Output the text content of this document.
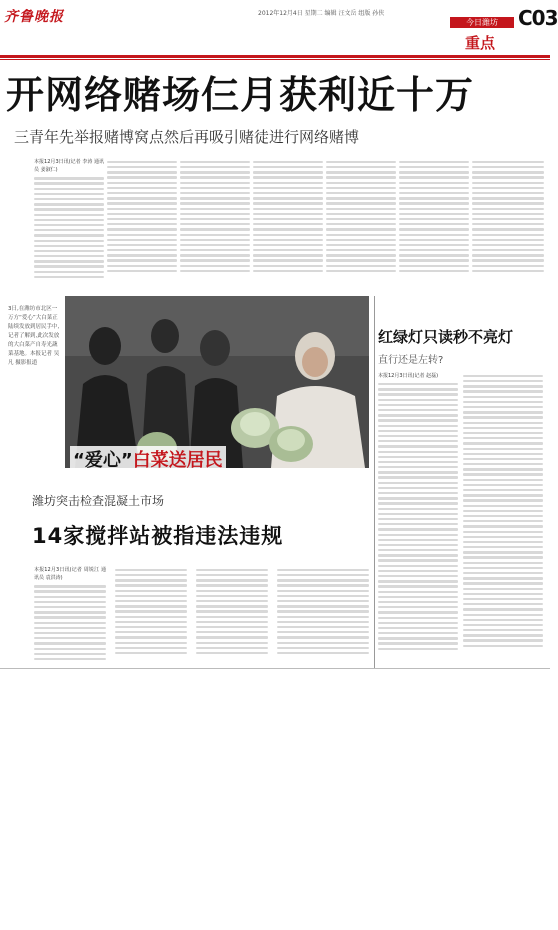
齐鲁晚报	2012年12月4日 星期二 编辑 汪文岳 组版 孙侠
今日潍坊	C03
重点
开网络赌场仨月获利近十万
三青年先举报赌博窝点然后再吸引赌徒进行网络赌博
本报12月3日讯(记者 李涛 通讯员 姜淑仁)
3日,在潍坊市北区一万方“爱心”大白菜正陆续发放到居民手中,记者了解到,此次发放的大白菜产自寿光蔬菜基地。本报记者 吴凡 摄影报道
“爱心”白菜送居民
红绿灯只读秒不亮灯
直行还是左转?
本报12月3日讯(记者 赵磊)
潍坊突击检查混凝土市场
14家搅拌站被指违法违规
本报12月3日讯(记者 周锐江 通讯员 袁洪涛)
